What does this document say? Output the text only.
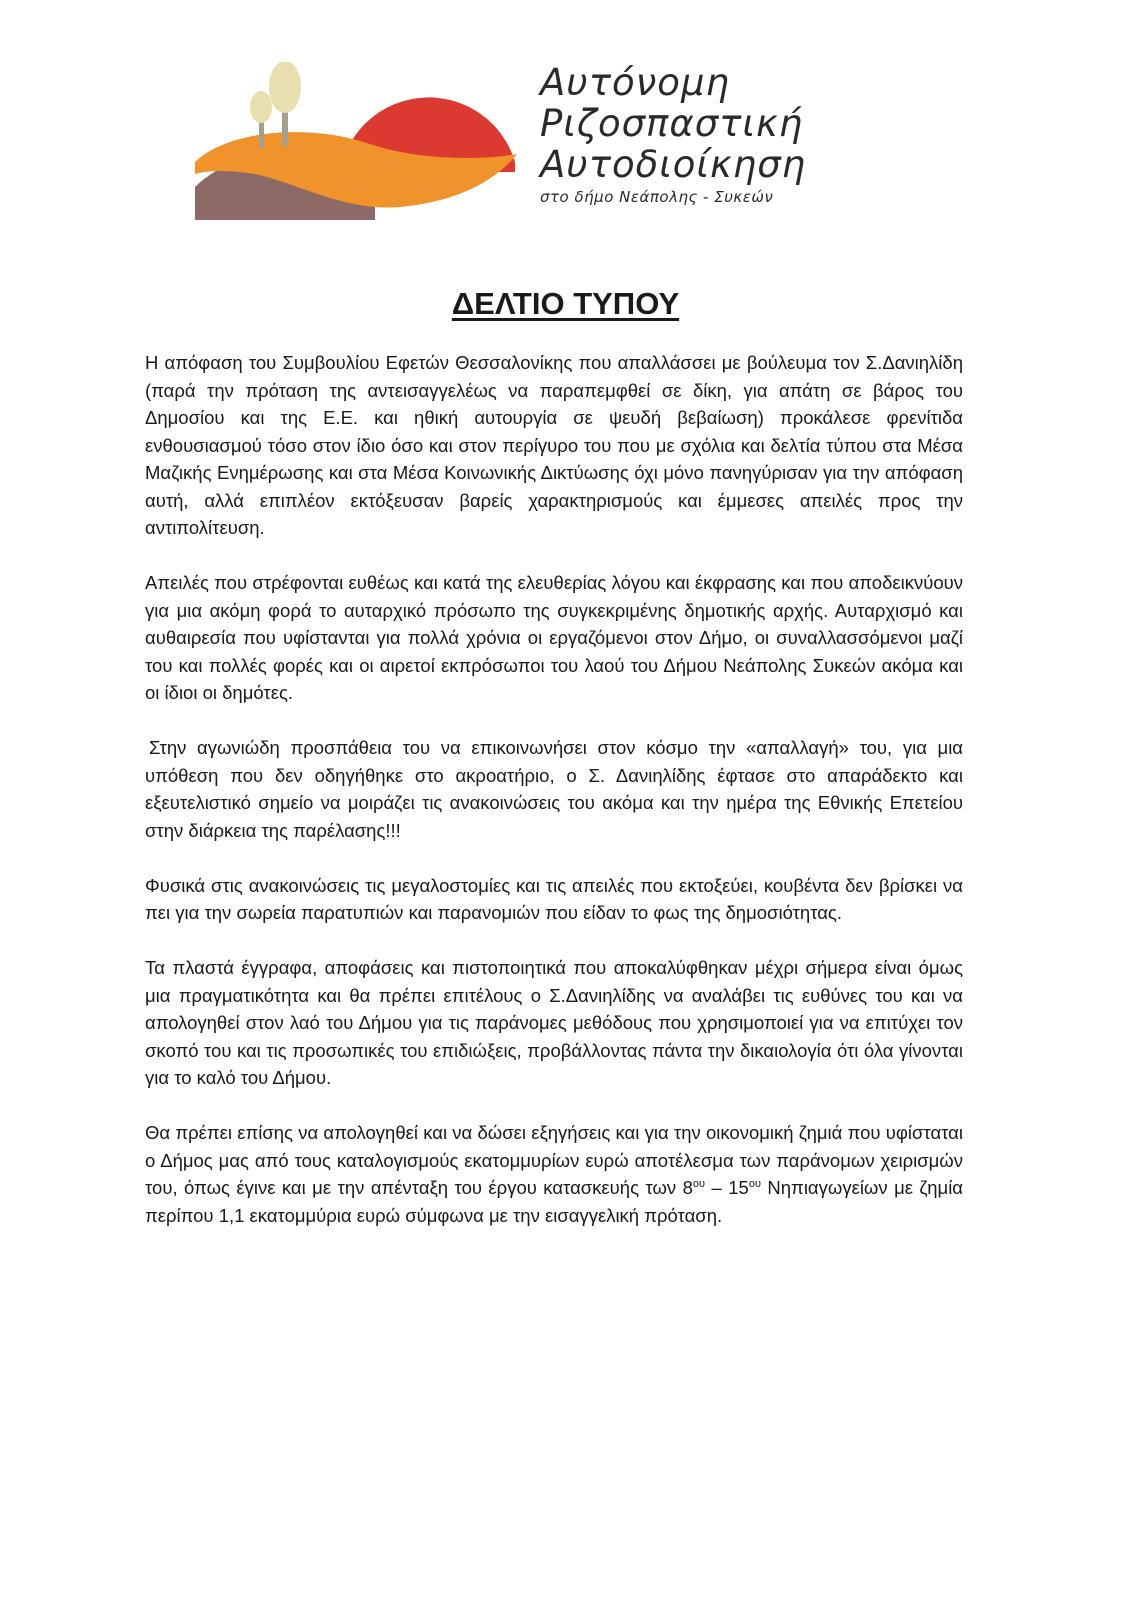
Αυτόνομη
Ριζοσπαστική
Αυτοδιοίκηση
στο δήμο Νεάπολης - Συκεών
ΔΕΛΤΙΟ ΤΥΠΟΥ

Η απόφαση του Συμβουλίου Εφετών Θεσσαλονίκης που απαλλάσσει με βούλευμα τον Σ.Δανιηλίδη (παρά την πρόταση της αντεισαγγελέως να παραπεμφθεί σε δίκη, για απάτη σε βάρος του Δημοσίου και της Ε.Ε. και ηθική αυτουργία σε ψευδή βεβαίωση) προκάλεσε φρενίτιδα ενθουσιασμού τόσο στον ίδιο όσο και στον περίγυρο του που με σχόλια και δελτία τύπου στα Μέσα Μαζικής Ενημέρωσης και στα Μέσα Κοινωνικής Δικτύωσης όχι μόνο πανηγύρισαν για την απόφαση αυτή, αλλά επιπλέον εκτόξευσαν βαρείς χαρακτηρισμούς και έμμεσες απειλές προς την αντιπολίτευση.

Απειλές που στρέφονται ευθέως και κατά της ελευθερίας λόγου και έκφρασης και που αποδεικνύουν για μια ακόμη φορά το αυταρχικό πρόσωπο της συγκεκριμένης δημοτικής αρχής. Αυταρχισμό και αυθαιρεσία που υφίστανται για πολλά χρόνια οι εργαζόμενοι στον Δήμο, οι συναλλασσόμενοι μαζί του και πολλές φορές και οι αιρετοί εκπρόσωποι του λαού του Δήμου Νεάπολης Συκεών ακόμα και οι ίδιοι οι δημότες.

Στην αγωνιώδη προσπάθεια του να επικοινωνήσει στον κόσμο την «απαλλαγή» του, για μια υπόθεση που δεν οδηγήθηκε στο ακροατήριο, ο Σ. Δανιηλίδης έφτασε στο απαράδεκτο και εξευτελιστικό σημείο να μοιράζει τις ανακοινώσεις του ακόμα και την ημέρα της Εθνικής Επετείου στην διάρκεια της παρέλασης!!!

Φυσικά στις ανακοινώσεις τις μεγαλοστομίες και τις απειλές που εκτοξεύει, κουβέντα δεν βρίσκει να πει για την σωρεία παρατυπιών και παρανομιών που είδαν το φως της δημοσιότητας.

Τα πλαστά έγγραφα, αποφάσεις και πιστοποιητικά που αποκαλύφθηκαν μέχρι σήμερα είναι όμως μια πραγματικότητα και θα πρέπει επιτέλους ο Σ.Δανιηλίδης να αναλάβει τις ευθύνες του και να απολογηθεί στον λαό του Δήμου για τις παράνομες μεθόδους που χρησιμοποιεί για να επιτύχει τον σκοπό του και τις προσωπικές του επιδιώξεις, προβάλλοντας πάντα την δικαιολογία ότι όλα γίνονται για το καλό του Δήμου.

Θα πρέπει επίσης να απολογηθεί και να δώσει εξηγήσεις και για την οικονομική ζημιά που υφίσταται ο Δήμος μας από τους καταλογισμούς εκατομμυρίων ευρώ αποτέλεσμα των παράνομων χειρισμών του, όπως έγινε και με την απένταξη του έργου κατασκευής των $8^{o\upsilon} - 15^{o\upsilon}$ Νηπιαγωγείων με ζημία περίπου 1,1 εκατομμύρια ευρώ σύμφωνα με την εισαγγελική πρόταση.
